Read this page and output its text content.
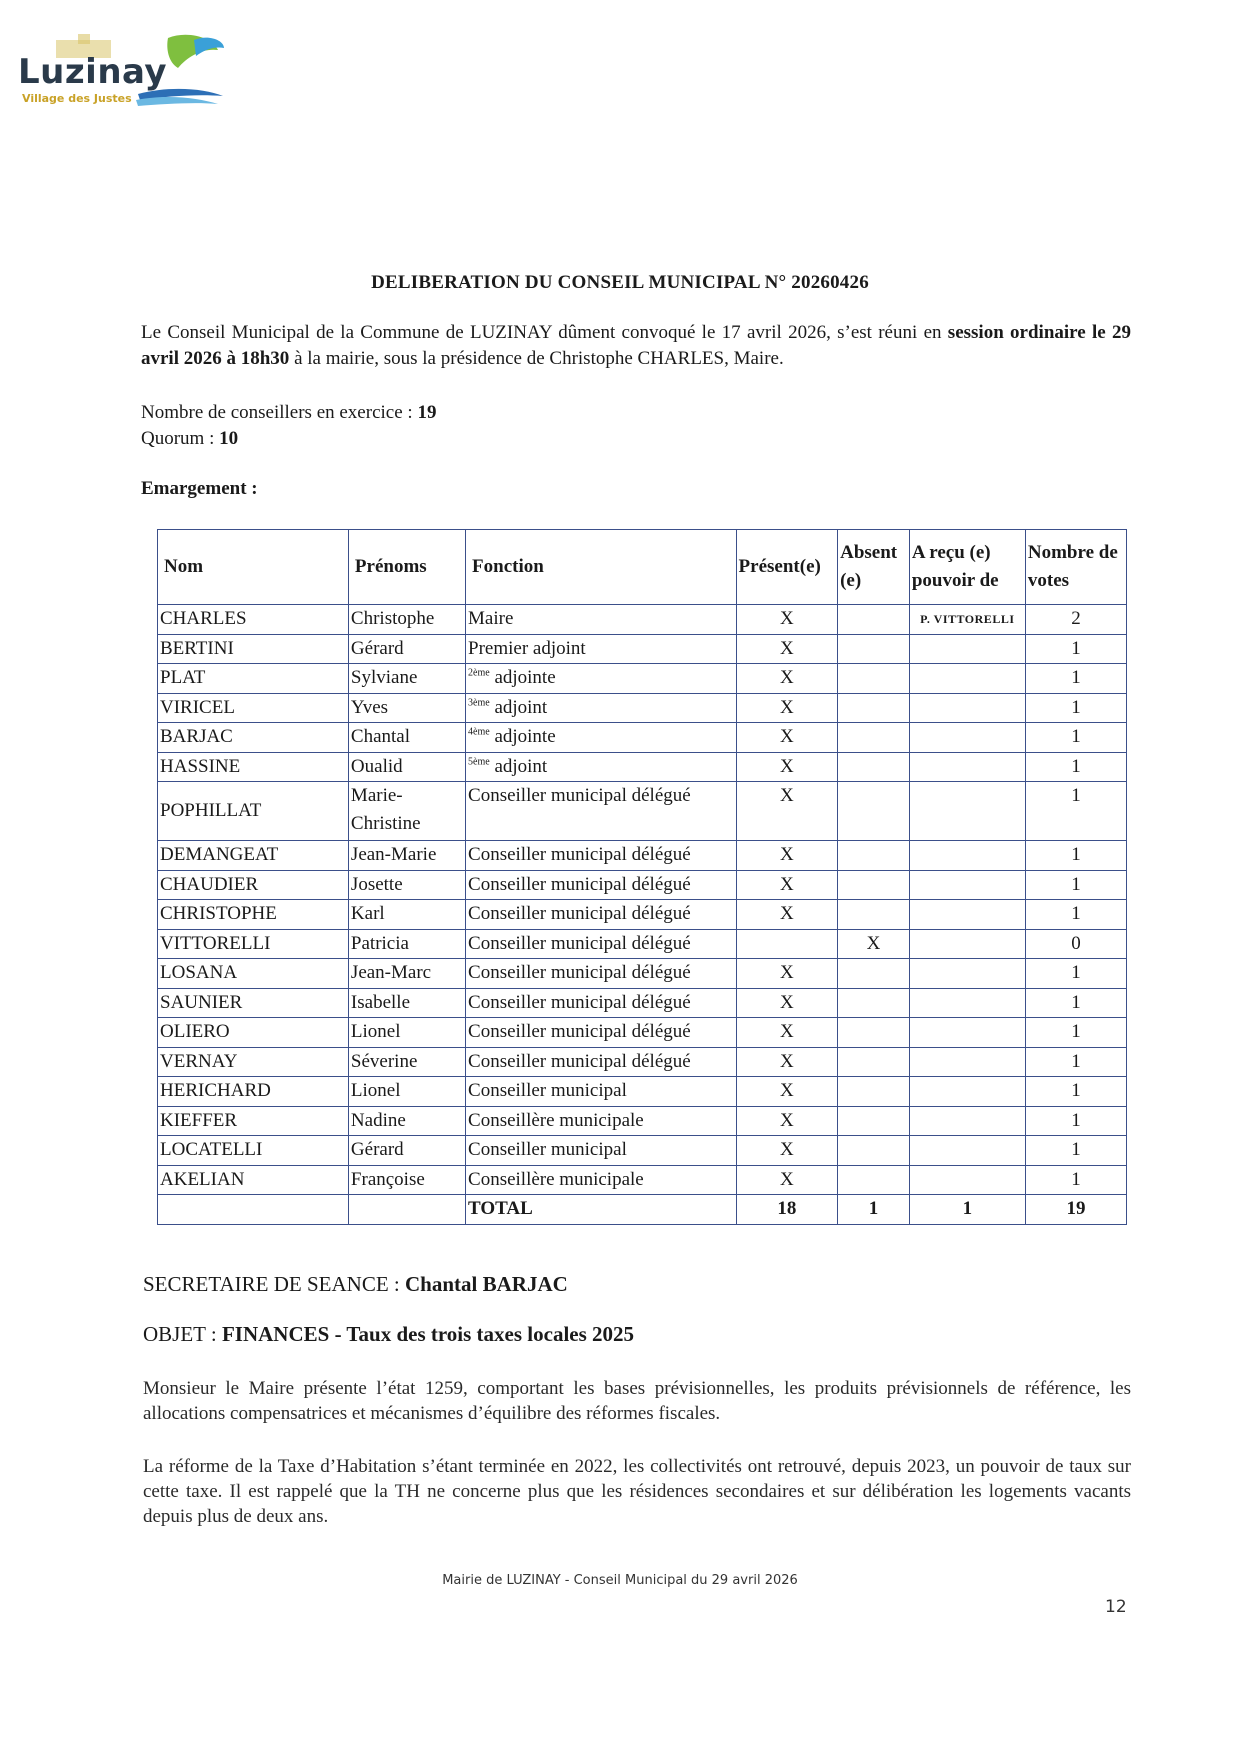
Luzinay
Village des Justes
DELIBERATION DU CONSEIL MUNICIPAL N° 20260426
Le Conseil Municipal de la Commune de LUZINAY dûment convoqué le 17 avril 2026, s’est réuni en session ordinaire le 29 avril 2026 à 18h30 à la mairie, sous la présidence de Christophe CHARLES, Maire.
Nombre de conseillers en exercice : 19
Quorum : 10
Emargement :
Nom	Prénoms	Fonction	Présent(e)	Absent (e)	A reçu (e) pouvoir de	Nombre de votes
CHARLES	Christophe	Maire	X		P. VITTORELLI	2
BERTINI	Gérard	Premier adjoint	X			1
PLAT	Sylviane	$^{2ème}$ adjointe	X			1
VIRICEL	Yves	$^{3ème}$ adjoint	X			1
BARJAC	Chantal	$^{4ème}$ adjointe	X			1
HASSINE	Oualid	$^{5ème}$ adjoint	X			1
POPHILLAT	Marie-Christine	Conseiller municipal délégué	X			1
DEMANGEAT	Jean-Marie	Conseiller municipal délégué	X			1
CHAUDIER	Josette	Conseiller municipal délégué	X			1
CHRISTOPHE	Karl	Conseiller municipal délégué	X			1
VITTORELLI	Patricia	Conseiller municipal délégué		X		0
LOSANA	Jean-Marc	Conseiller municipal délégué	X			1
SAUNIER	Isabelle	Conseiller municipal délégué	X			1
OLIERO	Lionel	Conseiller municipal délégué	X			1
VERNAY	Séverine	Conseiller municipal délégué	X			1
HERICHARD	Lionel	Conseiller municipal	X			1
KIEFFER	Nadine	Conseillère municipale	X			1
LOCATELLI	Gérard	Conseiller municipal	X			1
AKELIAN	Françoise	Conseillère municipale	X			1
		TOTAL	18	1	1	19
SECRETAIRE DE SEANCE : Chantal BARJAC
OBJET : FINANCES - Taux des trois taxes locales 2025
Monsieur le Maire présente l’état 1259, comportant les bases prévisionnelles, les produits prévisionnels de référence, les allocations compensatrices et mécanismes d’équilibre des réformes fiscales.
La réforme de la Taxe d’Habitation s’étant terminée en 2022, les collectivités ont retrouvé, depuis 2023, un pouvoir de taux sur cette taxe. Il est rappelé que la TH ne concerne plus que les résidences secondaires et sur délibération les logements vacants depuis plus de deux ans.
Mairie de LUZINAY - Conseil Municipal du 29 avril 2026
12
